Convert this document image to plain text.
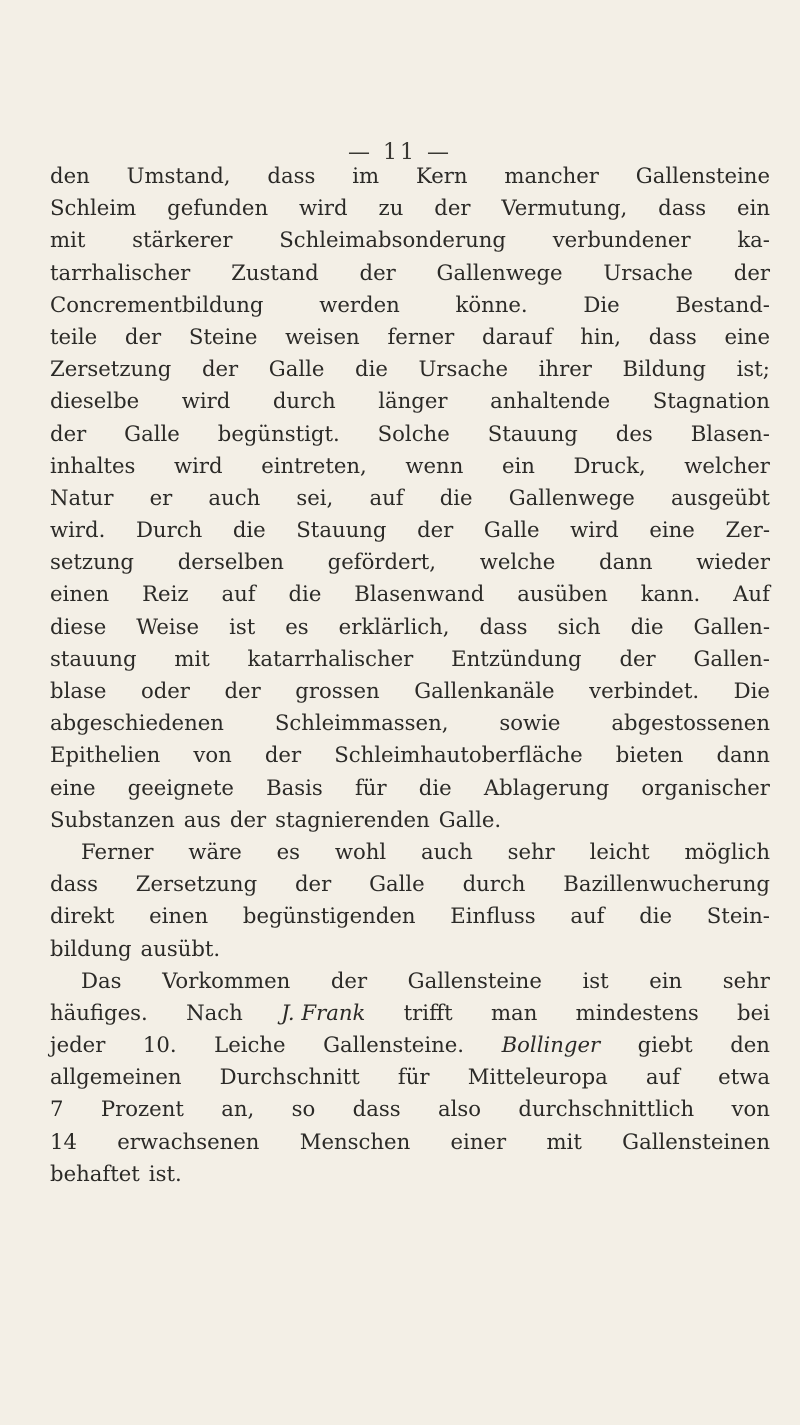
— 11 —
den Umstand, dass im Kern mancher Gallensteine
Schleim gefunden wird zu der Vermutung, dass ein
mit stärkerer Schleimabsonderung verbundener ka-
tarrhalischer Zustand der Gallenwege Ursache der
Concrementbildung	werden	könne.	Die	Bestand-
teile der Steine weisen ferner darauf hin, dass eine
Zersetzung der Galle die Ursache ihrer Bildung ist;
dieselbe wird durch länger anhaltende Stagnation
der Galle begünstigt. Solche Stauung des Blasen-
inhaltes wird eintreten, wenn ein Druck, welcher
Natur er auch sei, auf die Gallenwege ausgeübt
wird. Durch die Stauung der Galle wird eine Zer-
setzung derselben gefördert, welche dann wieder
einen Reiz auf die Blasenwand ausüben kann. Auf
diese Weise ist es erklärlich, dass sich die Gallen-
stauung mit katarrhalischer Entzündung der Gallen-
blase oder der grossen Gallenkanäle verbindet. Die
abgeschiedenen Schleimmassen, sowie abgestossenen
Epithelien von der Schleimhautoberfläche bieten dann
eine geeignete Basis für die Ablagerung organischer
Substanzen aus der stagnierenden Galle.
Ferner wäre es wohl auch sehr leicht möglich
dass Zersetzung der Galle durch Bazillenwucherung
direkt einen begünstigenden Einfluss auf die Stein-
bildung ausübt.
Das Vorkommen der Gallensteine ist ein sehr
häufiges. Nach J. Frank trifft man mindestens bei
jeder 10. Leiche Gallensteine. Bollinger giebt den
allgemeinen Durchschnitt für Mitteleuropa auf etwa
7 Prozent an, so dass also durchschnittlich von
14 erwachsenen Menschen einer mit Gallensteinen
behaftet ist.
